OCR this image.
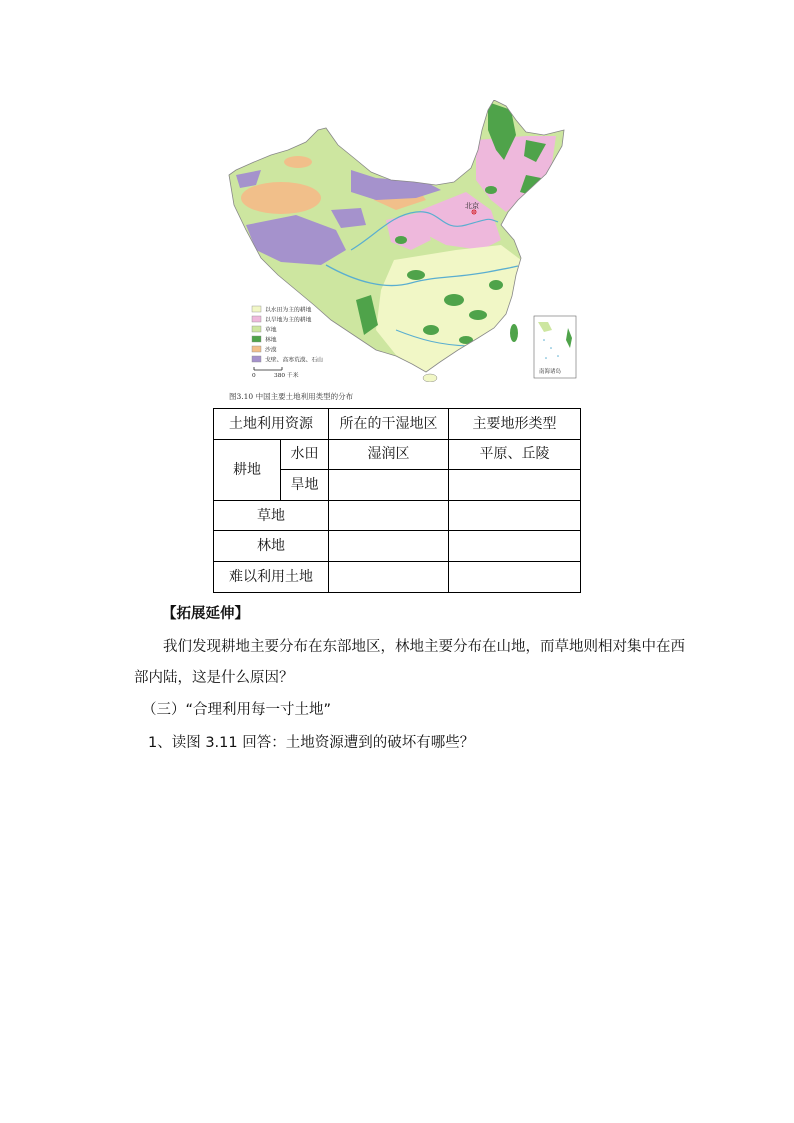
北京
南海诸岛
以水田为主的耕地
以旱地为主的耕地
草地
林地
沙漠
戈壁、高寒荒漠、石山
0	380 千米
图3.10 中国主要土地利用类型的分布
土地利用资源		所在的干湿地区	主要地形类型
耕地	水田	湿润区	平原、丘陵
	旱地		
草地			
林地			
难以利用土地			
【拓展延伸】
我们发现耕地主要分布在东部地区，林地主要分布在山地，而草地则相对集中在西
部内陆，这是什么原因？
（三）“合理利用每一寸土地”
1、读图 3.11 回答：土地资源遭到的破坏有哪些？
